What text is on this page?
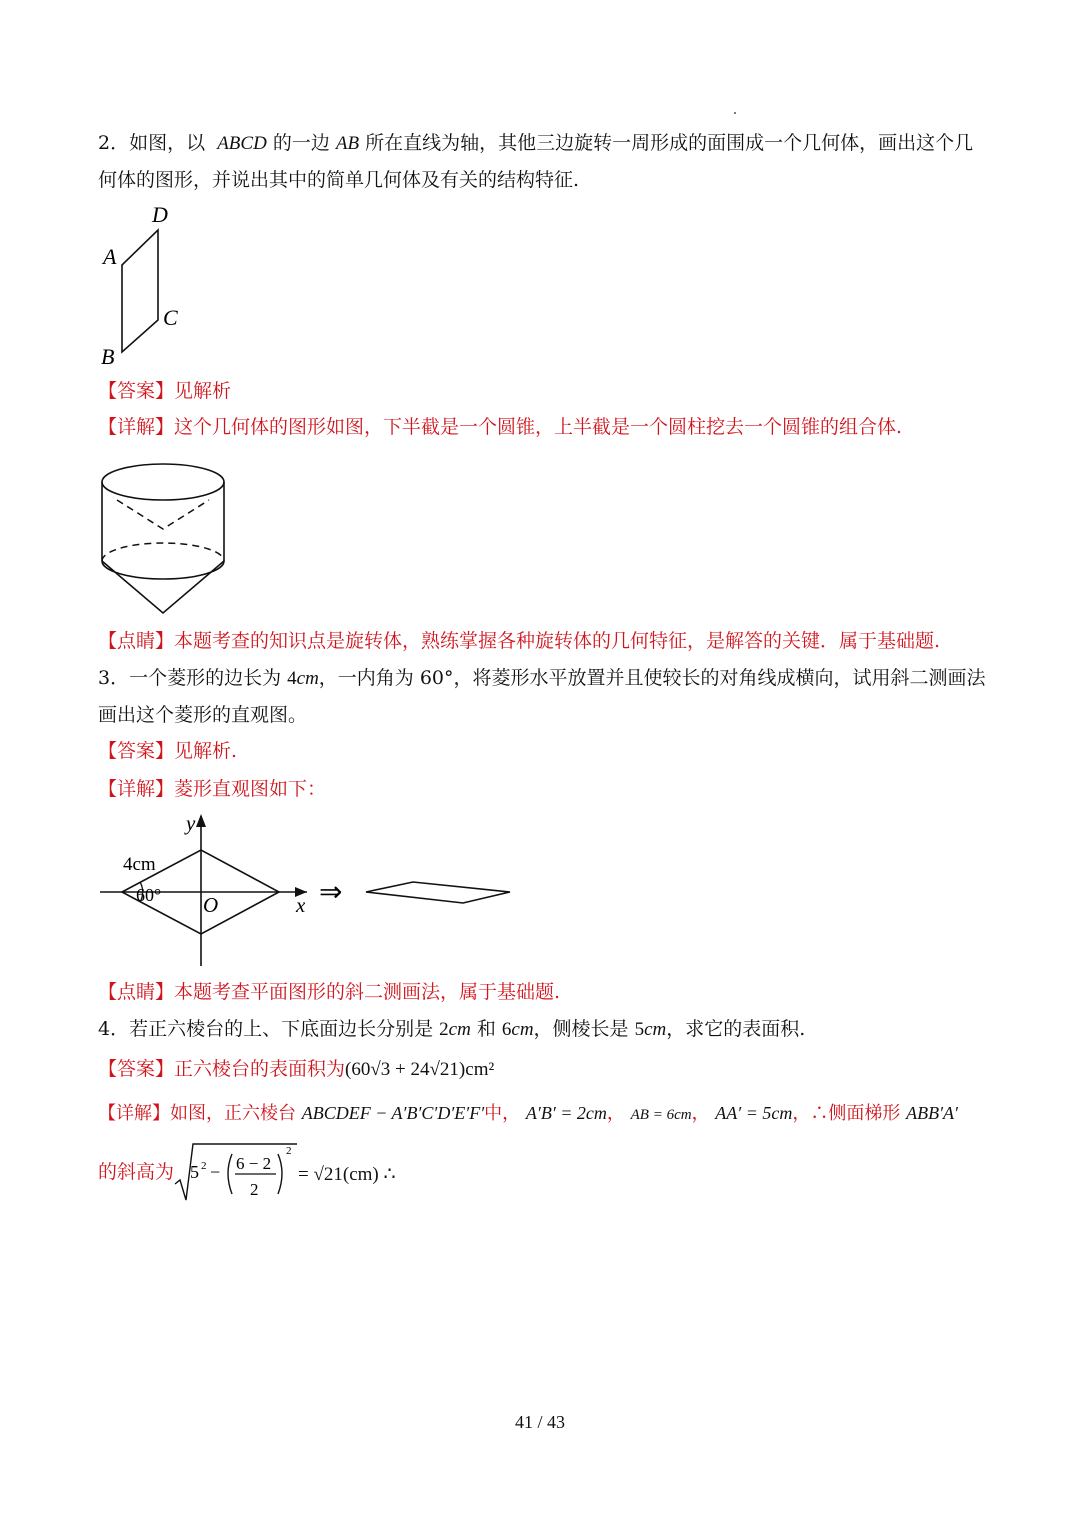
2．如图，以 ABCD 的一边 AB 所在直线为轴，其他三边旋转一周形成的面围成一个几何体，画出这个几
何体的图形，并说出其中的简单几何体及有关的结构特征.
D
A
C
B
【答案】见解析
【详解】这个几何体的图形如图，下半截是一个圆锥，上半截是一个圆柱挖去一个圆锥的组合体.
【点睛】本题考查的知识点是旋转体，熟练掌握各种旋转体的几何特征，是解答的关键．属于基础题.
3．一个菱形的边长为 4cm，一内角为 60°，将菱形水平放置并且使较长的对角线成横向，试用斜二测画法
画出这个菱形的直观图。
【答案】见解析.
【详解】菱形直观图如下：
y
x
O
4cm
60°	⇒
【点睛】本题考查平面图形的斜二测画法，属于基础题.
4．若正六棱台的上、下底面边长分别是 2cm 和 6cm，侧棱长是 5cm，求它的表面积.
【答案】正六棱台的表面积为(60√3 + 24√21)cm²
【详解】如图，正六棱台 ABCDEF − A′B′C′D′E′F′中， A′B′ = 2cm， AB = 6cm， AA′ = 5cm，∴侧面梯形 ABB′A′
的斜高为 5 2 − 6 − 2
2
2
= √21(cm) ∴
41 / 43
